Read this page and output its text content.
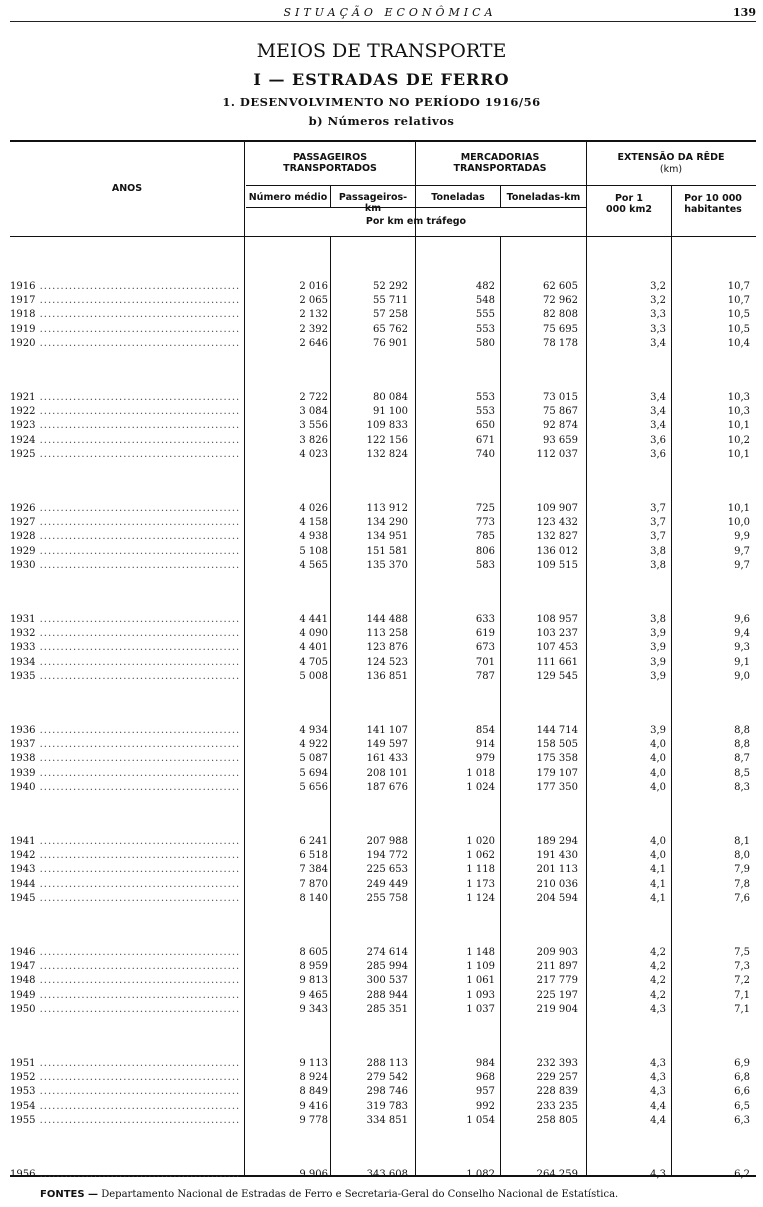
SITUAÇÃO ECONÔMICA	139
MEIOS DE TRANSPORTE
I — ESTRADAS DE FERRO
1. DESENVOLVIMENTO NO PERÍODO 1916/56
b) Números relativos
ANOS
PASSAGEIROS TRANSPORTADOS
MERCADORIAS TRANSPORTADAS
EXTENSÃO DA RÊDE
(km)
Número médio	Passageiros-km
Toneladas	Toneladas-km
Por km em tráfego
Por 1 000 km2
Por 10 000 habitantes
1916 .....	2 016	52 292	482	62 605	3,2	10,7
1917 .....	2 065	55 711	548	72 962	3,2	10,7
1918 .....	2 132	57 258	555	82 808	3,3	10,5
1919 .....	2 392	65 762	553	75 695	3,3	10,5
1920 .....	2 646	76 901	580	78 178	3,4	10,4
1921 .....	2 722	80 084	553	73 015	3,4	10,3
1922 .....	3 084	91 100	553	75 867	3,4	10,3
1923 .....	3 556	109 833	650	92 874	3,4	10,1
1924 .....	3 826	122 156	671	93 659	3,6	10,2
1925 .....	4 023	132 824	740	112 037	3,6	10,1
1926 .....	4 026	113 912	725	109 907	3,7	10,1
1927 .....	4 158	134 290	773	123 432	3,7	10,0
1928 .....	4 938	134 951	785	132 827	3,7	9,9
1929 .....	5 108	151 581	806	136 012	3,8	9,7
1930 .....	4 565	135 370	583	109 515	3,8	9,7
1931 .....	4 441	144 488	633	108 957	3,8	9,6
1932 .....	4 090	113 258	619	103 237	3,9	9,4
1933 .....	4 401	123 876	673	107 453	3,9	9,3
1934 .....	4 705	124 523	701	111 661	3,9	9,1
1935 .....	5 008	136 851	787	129 545	3,9	9,0
1936 .....	4 934	141 107	854	144 714	3,9	8,8
1937 .....	4 922	149 597	914	158 505	4,0	8,8
1938 .....	5 087	161 433	979	175 358	4,0	8,7
1939 .....	5 694	208 101	1 018	179 107	4,0	8,5
1940 .....	5 656	187 676	1 024	177 350	4,0	8,3
1941 .....	6 241	207 988	1 020	189 294	4,0	8,1
1942 .....	6 518	194 772	1 062	191 430	4,0	8,0
1943 .....	7 384	225 653	1 118	201 113	4,1	7,9
1944 .....	7 870	249 449	1 173	210 036	4,1	7,8
1945 .....	8 140	255 758	1 124	204 594	4,1	7,6
1946 .....	8 605	274 614	1 148	209 903	4,2	7,5
1947 .....	8 959	285 994	1 109	211 897	4,2	7,3
1948 .....	9 813	300 537	1 061	217 779	4,2	7,2
1949 .....	9 465	288 944	1 093	225 197	4,2	7,1
1950 .....	9 343	285 351	1 037	219 904	4,3	7,1
1951 .....	9 113	288 113	984	232 393	4,3	6,9
1952 .....	8 924	279 542	968	229 257	4,3	6,8
1953 .....	8 849	298 746	957	228 839	4,3	6,6
1954 .....	9 416	319 783	992	233 235	4,4	6,5
1955 .....	9 778	334 851	1 054	258 805	4,4	6,3
1956 .....	9 906	343 608	1 082	264 259	4,3	6,2
FONTES — Departamento Nacional de Estradas de Ferro e Secretaria-Geral do Conselho Nacional de Estatística.
